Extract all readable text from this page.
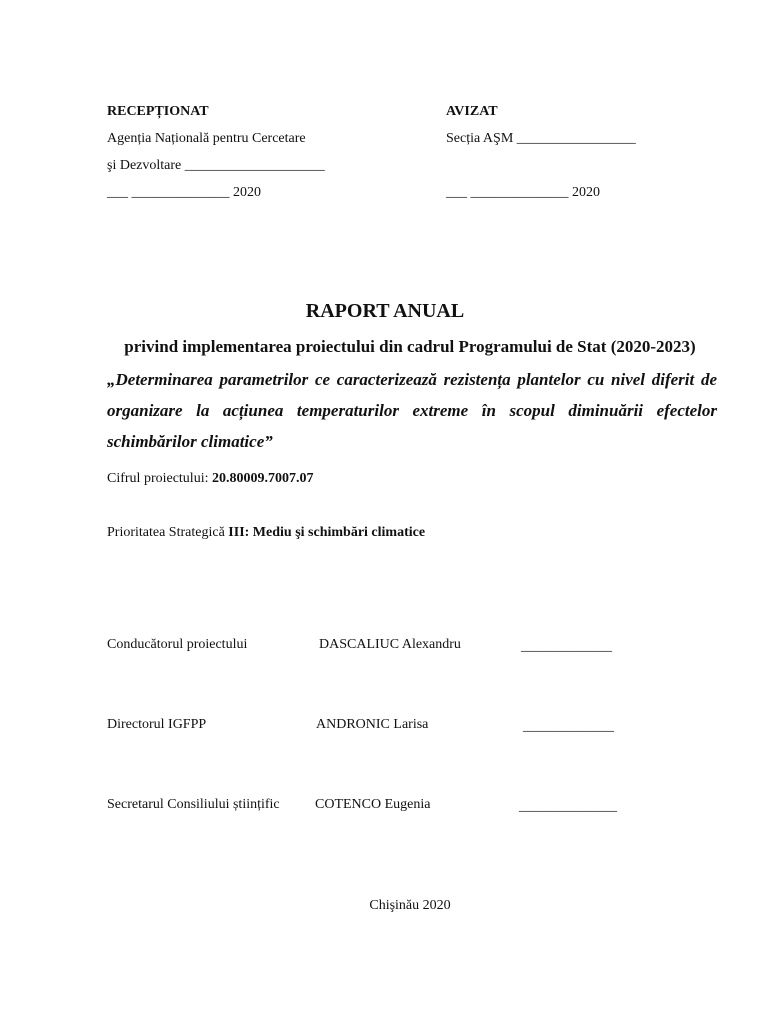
RECEPȚIONAT
Agenția Națională pentru Cercetare
şi Dezvoltare ____________________
___ ______________ 2020
AVIZAT
Secția AŞM _________________
___ ______________ 2020
RAPORT ANUAL
privind implementarea proiectului din cadrul Programului de Stat (2020-2023)
„Determinarea parametrilor ce caracterizează rezistența plantelor cu nivel diferit de organizare la acțiunea temperaturilor extreme în scopul diminuării efectelor schimbărilor climatice”
Cifrul proiectului: 20.80009.7007.07
Prioritatea Strategică III: Mediu şi schimbări climatice
Conducătorul proiectului	DASCALIUC Alexandru	_____________
Directorul IGFPP	ANDRONIC Larisa	_____________
Secretarul Consiliului științific	COTENCO Eugenia	______________
Chişinău 2020
